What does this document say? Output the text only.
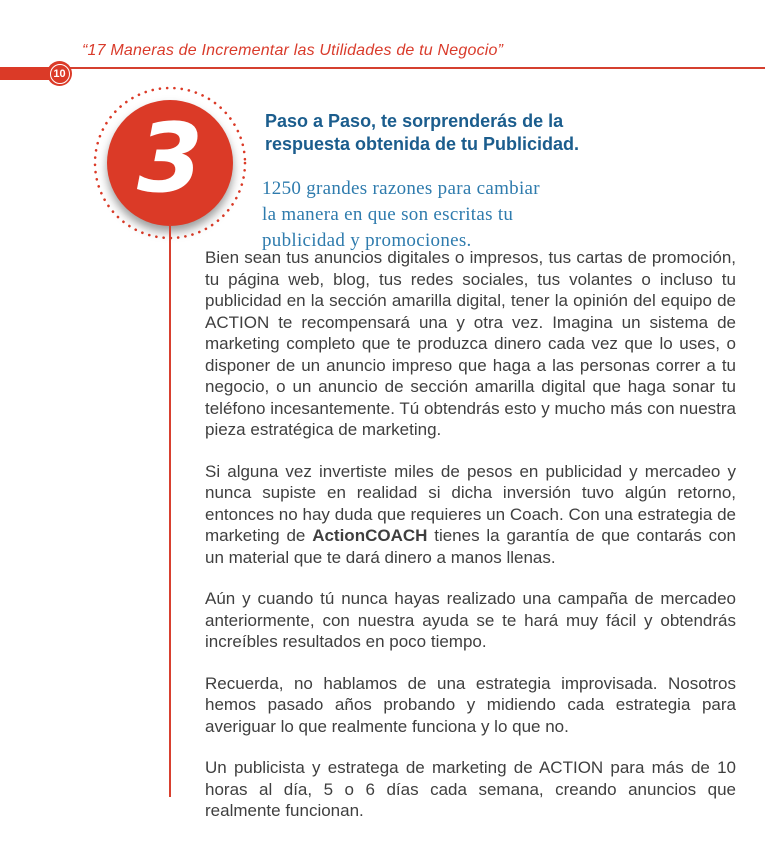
“17 Maneras de Incrementar las Utilidades de tu Negocio”
10
3	Paso a Paso, te sorprenderás de la
respuesta obtenida de tu Publicidad.
1250 grandes razones para cambiar
la manera en que son escritas tu
publicidad y promociones.

Bien sean tus anuncios digitales o impresos, tus cartas de promoción, tu página web, blog, tus redes sociales, tus volantes o incluso tu publicidad en la sección amarilla digital, tener la opinión del equipo de ACTION te recompensará una y otra vez. Imagina un sistema de marketing completo que te produzca dinero cada vez que lo uses, o disponer de un anuncio impreso que haga a las personas correr a tu negocio, o un anuncio de sección amarilla digital que haga sonar tu teléfono incesantemente. Tú obtendrás esto y mucho más con nuestra pieza estratégica de marketing.

Si alguna vez invertiste miles de pesos en publicidad y mercadeo y nunca supiste en realidad si dicha inversión tuvo algún retorno, entonces no hay duda que requieres un Coach. Con una estrategia de marketing de ActionCOACH tienes la garantía de que contarás con un material que te dará dinero a manos llenas.

Aún y cuando tú nunca hayas realizado una campaña de mercadeo anteriormente, con nuestra ayuda se te hará muy fácil y obtendrás increíbles resultados en poco tiempo.

Recuerda, no hablamos de una estrategia improvisada. Nosotros hemos pasado años probando y midiendo cada estrategia para averiguar lo que realmente funciona y lo que no.

Un publicista y estratega de marketing de ACTION para más de 10 horas al día, 5 o 6 días cada semana, creando anuncios que realmente funcionan.
